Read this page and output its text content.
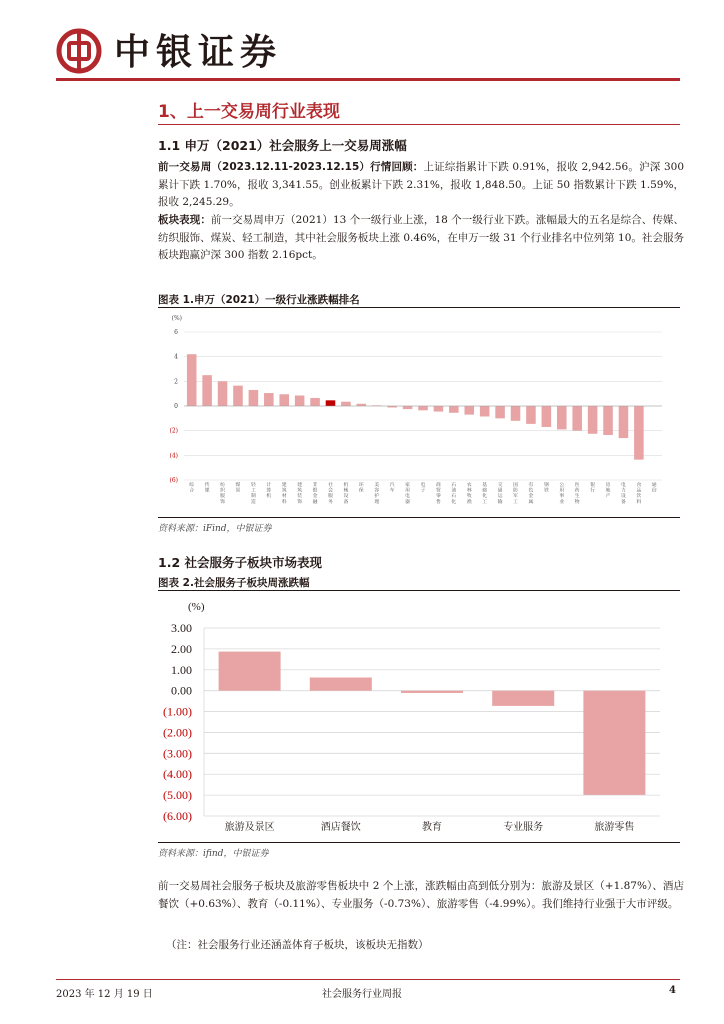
中银证券
1、上一交易周行业表现
1.1 申万（2021）社会服务上一交易周涨幅
前一交易周（2023.12.11-2023.12.15）行情回顾：上证综指累计下跌 0.91%，报收 2,942.56。沪深 300 累计下跌 1.70%，报收 3,341.55。创业板累计下跌 2.31%，报收 1,848.50。上证 50 指数累计下跌 1.59%，报收 2,245.29。
板块表现：前一交易周申万（2021）13 个一级行业上涨，18 个一级行业下跌。涨幅最大的五名是综合、传媒、纺织服饰、煤炭、轻工制造，其中社会服务板块上涨 0.46%，在申万一级 31 个行业排名中位列第 10。社会服务板块跑赢沪深 300 指数 2.16pct。
图表 1.申万（2021）一级行业涨跌幅排名
(%)
6
4
2
0
(2)
(4)
(6)
综合
传媒
纺织服饰
煤炭
轻工制造
计算机
建筑材料
建筑装饰
非银金融
社会服务
机械设备
环保
美容护理
汽车
家用电器
电子
商贸零售
石油石化
农林牧渔
基础化工
交通运输
国防军工
有色金属
钢铁
公用事业
医药生物
银行
房地产
电力设备
食品饮料
通信
资料来源：iFind，中银证券
1.2 社会服务子板块市场表现
图表 2.社会服务子板块周涨跌幅
(%)
3.00
2.00
1.00
0.00
(1.00)
(2.00)
(3.00)
(4.00)
(5.00)
(6.00)
旅游及景区	酒店餐饮	教育	专业服务	旅游零售
资料来源：ifind，中银证券
前一交易周社会服务子板块及旅游零售板块中 2 个上涨，涨跌幅由高到低分别为：旅游及景区（+1.87%）、酒店餐饮（+0.63%）、教育（-0.11%）、专业服务（-0.73%）、旅游零售（-4.99%）。我们维持行业强于大市评级。
（注：社会服务行业还涵盖体育子板块，该板块无指数）
2023 年 12 月 19 日	社会服务行业周报	4
